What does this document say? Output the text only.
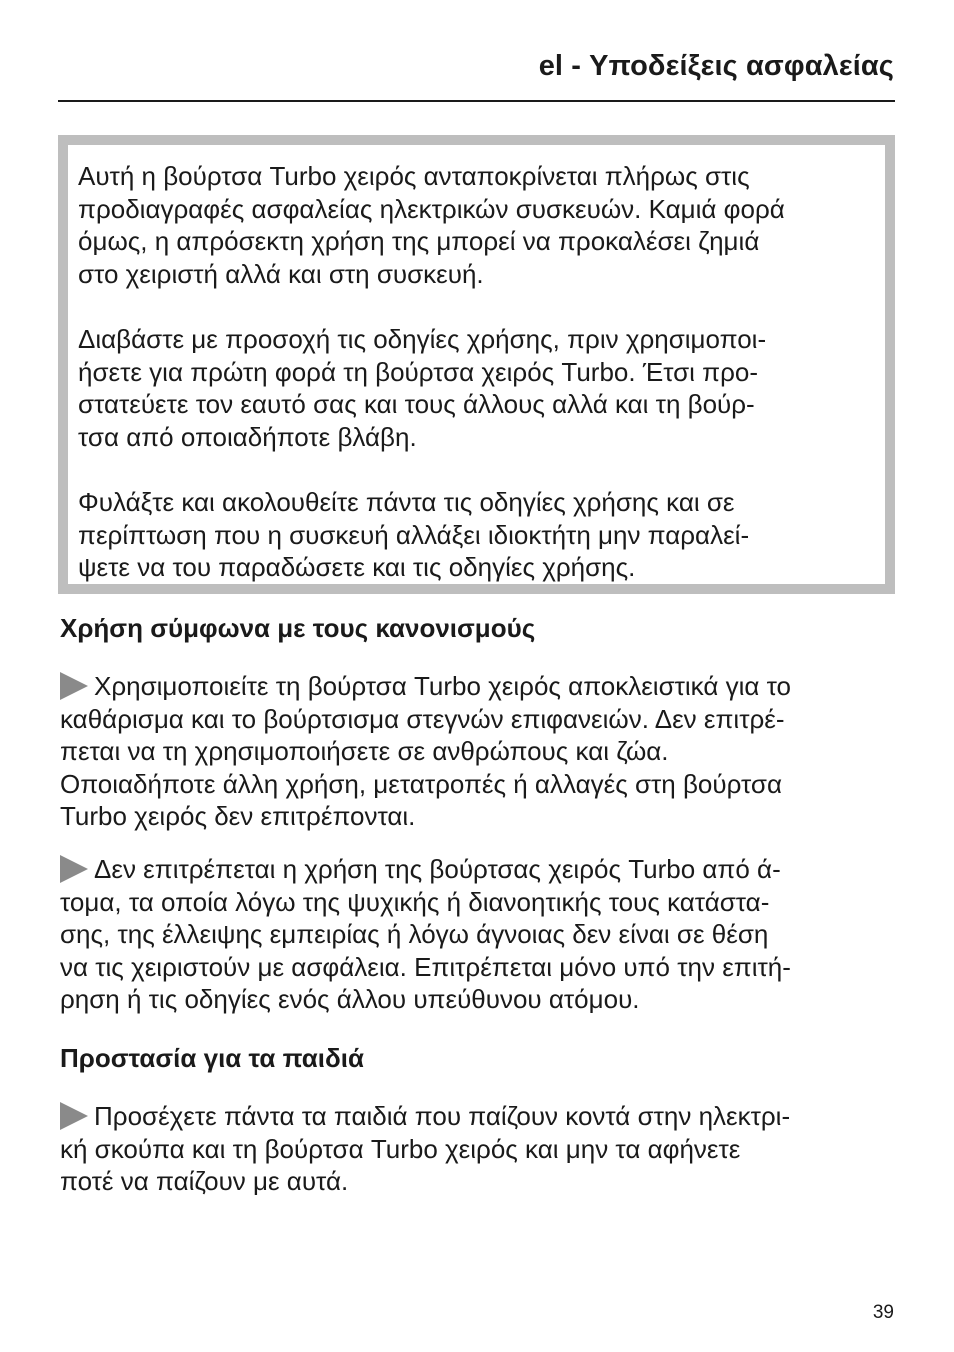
el - Υποδείξεις ασφαλείας

Αυτή η βούρτσα Turbo χειρός ανταποκρίνεται πλήρως στις
προδιαγραφές ασφαλείας ηλεκτρικών συσκευών. Καμιά φορά
όμως, η απρόσεκτη χρήση της μπορεί να προκαλέσει ζημιά
στο χειριστή αλλά και στη συσκευή.

Διαβάστε με προσοχή τις οδηγίες χρήσης, πριν χρησιμοποι-
ήσετε για πρώτη φορά τη βούρτσα χειρός Turbo. Έτσι προ-
στατεύετε τον εαυτό σας και τους άλλους αλλά και τη βούρ-
τσα από οποιαδήποτε βλάβη.

Φυλάξτε και ακολουθείτε πάντα τις οδηγίες χρήσης και σε
περίπτωση που η συσκευή αλλάξει ιδιοκτήτη μην παραλεί-
ψετε να του παραδώσετε και τις οδηγίες χρήσης.

Χρήση σύμφωνα με τους κανονισμούς

Χρησιμοποιείτε τη βούρτσα Turbo χειρός αποκλειστικά για το
καθάρισμα και το βούρτσισμα στεγνών επιφανειών. Δεν επιτρέ-
πεται να τη χρησιμοποιήσετε σε ανθρώπους και ζώα.
Οποιαδήποτε άλλη χρήση, μετατροπές ή αλλαγές στη βούρτσα
Turbo χειρός δεν επιτρέπονται.

Δεν επιτρέπεται η χρήση της βούρτσας χειρός Turbo από ά-
τομα, τα οποία λόγω της ψυχικής ή διανοητικής τους κατάστα-
σης, της έλλειψης εμπειρίας ή λόγω άγνοιας δεν είναι σε θέση
να τις χειριστούν με ασφάλεια. Επιτρέπεται μόνο υπό την επιτή-
ρηση ή τις οδηγίες ενός άλλου υπεύθυνου ατόμου.

Προστασία για τα παιδιά

Προσέχετε πάντα τα παιδιά που παίζουν κοντά στην ηλεκτρι-
κή σκούπα και τη βούρτσα Turbo χειρός και μην τα αφήνετε
ποτέ να παίζουν με αυτά.

39
